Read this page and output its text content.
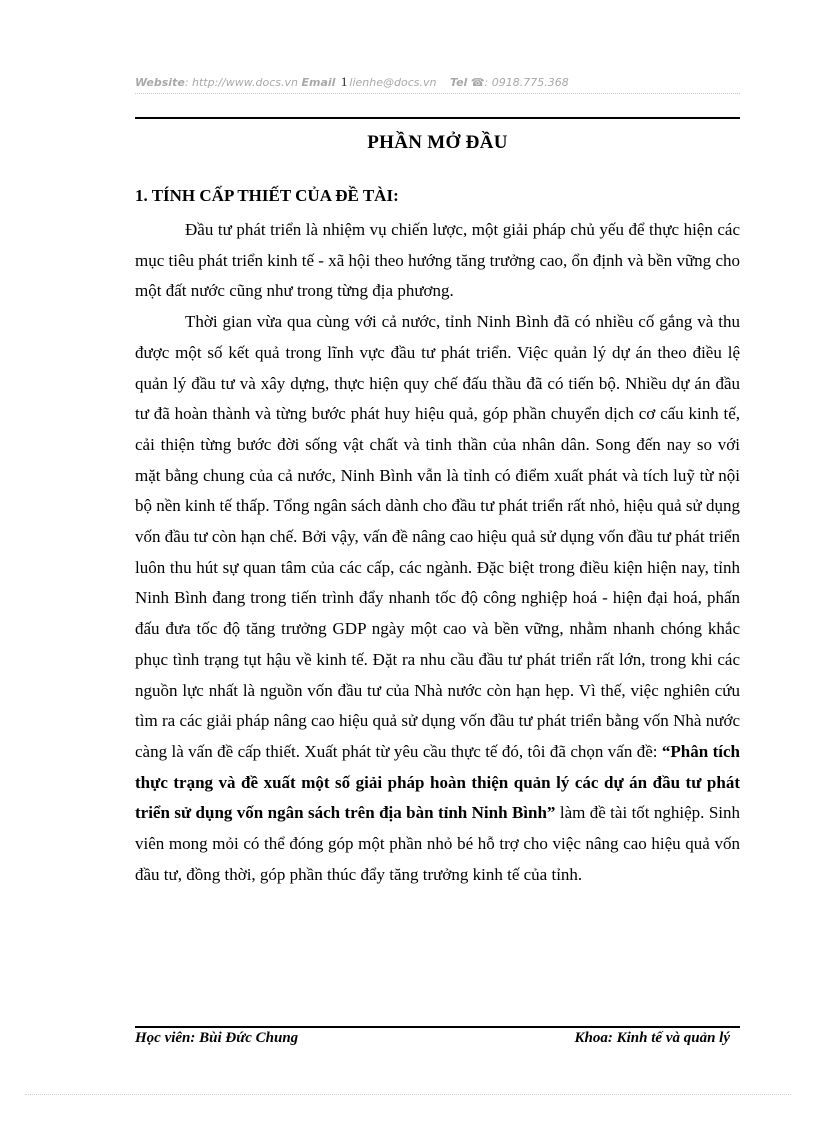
Website: http://www.docs.vn Email 1 lienhe@docs.vn Tel ☎: 0918.775.368
PHẦN MỞ ĐẦU
1. TÍNH CẤP THIẾT CỦA ĐỀ TÀI:

Đầu tư phát triển là nhiệm vụ chiến lược, một giải pháp chủ yếu để thực hiện các mục tiêu phát triển kinh tế - xã hội theo hướng tăng trưởng cao, ổn định và bền vững cho một đất nước cũng như trong từng địa phương.

Thời gian vừa qua cùng với cả nước, tỉnh Ninh Bình đã có nhiều cố gắng và thu được một số kết quả trong lĩnh vực đầu tư phát triển. Việc quản lý dự án theo điều lệ quản lý đầu tư và xây dựng, thực hiện quy chế đấu thầu đã có tiến bộ. Nhiều dự án đầu tư đã hoàn thành và từng bước phát huy hiệu quả, góp phần chuyển dịch cơ cấu kinh tế, cải thiện từng bước đời sống vật chất và tinh thần của nhân dân. Song đến nay so với mặt bằng chung của cả nước, Ninh Bình vẫn là tỉnh có điểm xuất phát và tích luỹ từ nội bộ nền kinh tế thấp. Tổng ngân sách dành cho đầu tư phát triển rất nhỏ, hiệu quả sử dụng vốn đầu tư còn hạn chế. Bởi vậy, vấn đề nâng cao hiệu quả sử dụng vốn đầu tư phát triển luôn thu hút sự quan tâm của các cấp, các ngành. Đặc biệt trong điều kiện hiện nay, tỉnh Ninh Bình đang trong tiến trình đẩy nhanh tốc độ công nghiệp hoá - hiện đại hoá, phấn đấu đưa tốc độ tăng trưởng GDP ngày một cao và bền vững, nhằm nhanh chóng khắc phục tình trạng tụt hậu về kinh tế. Đặt ra nhu cầu đầu tư phát triển rất lớn, trong khi các nguồn lực nhất là nguồn vốn đầu tư của Nhà nước còn hạn hẹp. Vì thế, việc nghiên cứu tìm ra các giải pháp nâng cao hiệu quả sử dụng vốn đầu tư phát triển bằng vốn Nhà nước càng là vấn đề cấp thiết. Xuất phát từ yêu cầu thực tế đó, tôi đã chọn vấn đề: “Phân tích thực trạng và đề xuất một số giải pháp hoàn thiện quản lý các dự án đầu tư phát triển sử dụng vốn ngân sách trên địa bàn tỉnh Ninh Bình” làm đề tài tốt nghiệp. Sinh viên mong mỏi có thể đóng góp một phần nhỏ bé hỗ trợ cho việc nâng cao hiệu quả vốn đầu tư, đồng thời, góp phần thúc đẩy tăng trưởng kinh tế của tỉnh.

Học viên: Bùi Đức Chung	Khoa: Kinh tế và quản lý
